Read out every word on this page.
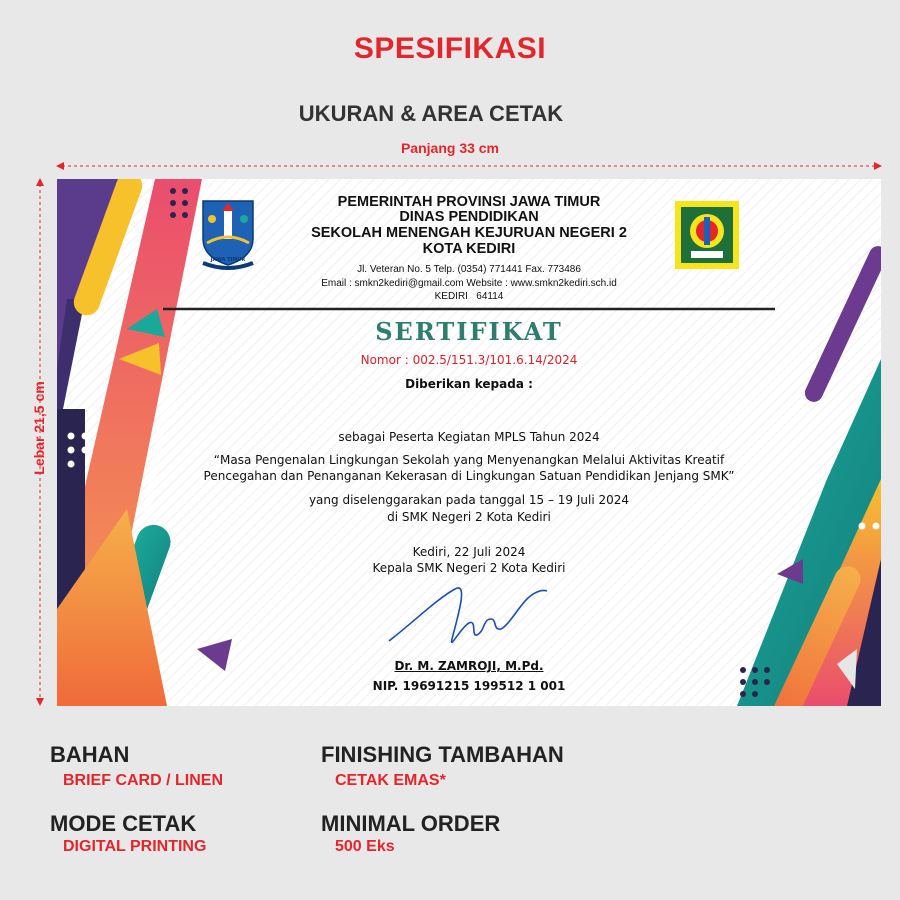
SPESIFIKASI
UKURAN & AREA CETAK
Panjang 33 cm
Lebar 21,5 cm
PEMERINTAH PROVINSI JAWA TIMUR
DINAS PENDIDIKAN
SEKOLAH MENENGAH KEJURUAN NEGERI 2
KOTA KEDIRI
Jl. Veteran No. 5 Telp. (0354) 771441 Fax. 773486
Email : smkn2kediri@gmail.com Website : www.smkn2kediri.sch.id
KEDIRI   64114
JAWA TIMUR
SERTIFIKAT
Nomor : 002.5/151.3/101.6.14/2024
Diberikan kepada :
sebagai Peserta Kegiatan MPLS Tahun 2024
“Masa Pengenalan Lingkungan Sekolah yang Menyenangkan Melalui Aktivitas Kreatif
Pencegahan dan Penanganan Kekerasan di Lingkungan Satuan Pendidikan Jenjang SMK”
yang diselenggarakan pada tanggal 15 – 19 Juli 2024
di SMK Negeri 2 Kota Kediri
Kediri, 22 Juli 2024
Kepala SMK Negeri 2 Kota Kediri
Dr. M. ZAMROJI, M.Pd.
NIP. 19691215 199512 1 001
BAHAN
BRIEF CARD / LINEN
FINISHING TAMBAHAN
CETAK EMAS*
MODE CETAK
DIGITAL PRINTING
MINIMAL ORDER
500 Eks
